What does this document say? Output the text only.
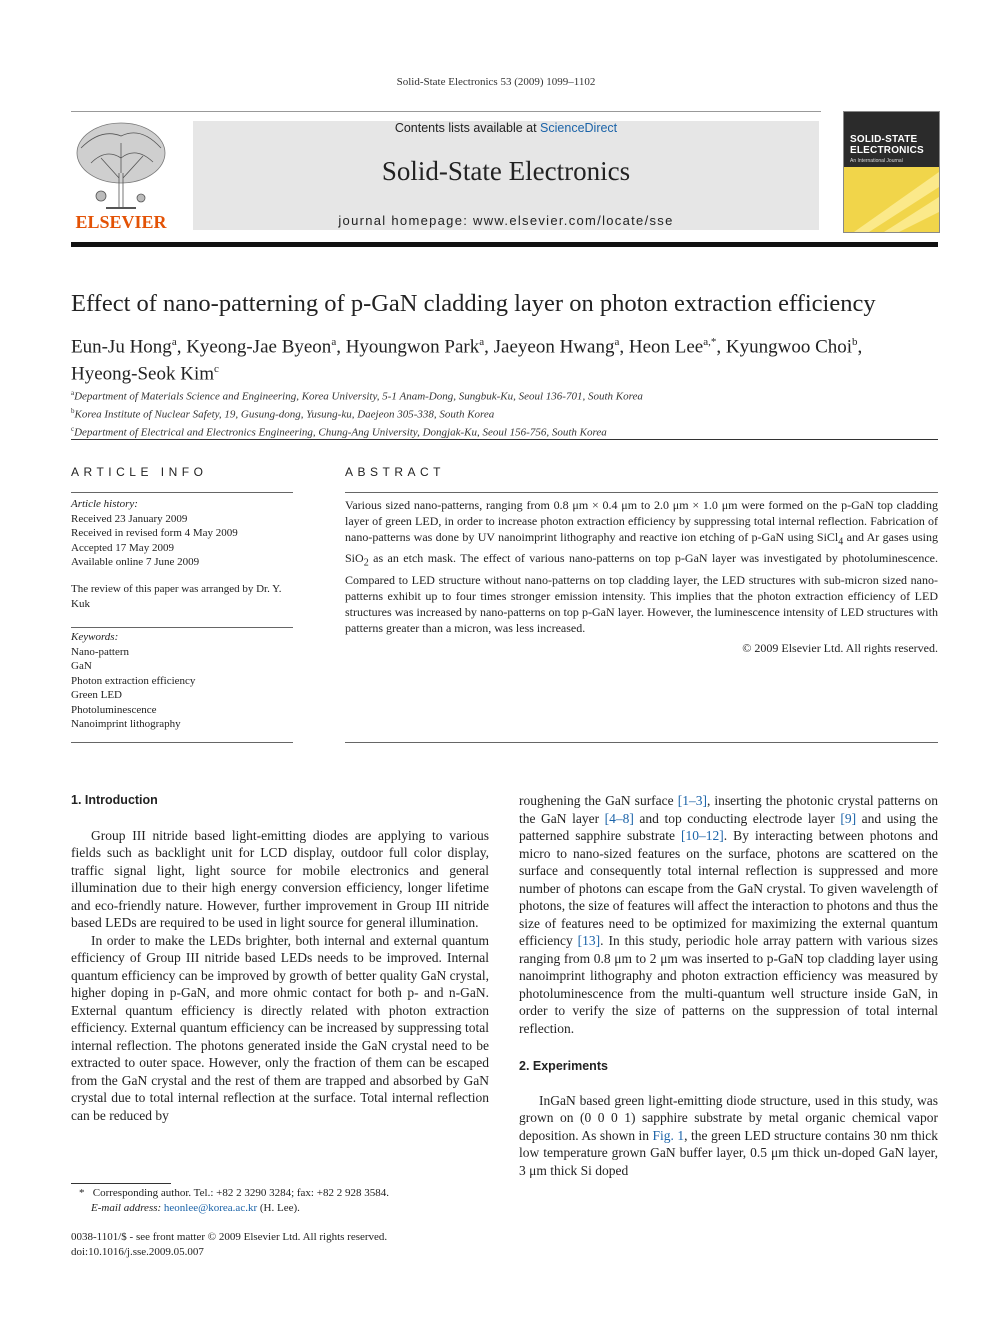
Solid-State Electronics 53 (2009) 1099–1102
ELSEVIER
Contents lists available at ScienceDirect
Solid-State Electronics
journal homepage: www.elsevier.com/locate/sse
SOLID-STATE
ELECTRONICS
An International Journal
Effect of nano-patterning of p-GaN cladding layer on photon extraction efficiency
Eun-Ju Hong$^a$, Kyeong-Jae Byeon$^a$, Hyoungwon Park$^a$, Jaeyeon Hwang$^a$, Heon Lee$^{a,*}$, Kyungwoo Choi$^b$,
Hyeong-Seok Kim$^c$
$^a$Department of Materials Science and Engineering, Korea University, 5-1 Anam-Dong, Sungbuk-Ku, Seoul 136-701, South Korea
$^b$Korea Institute of Nuclear Safety, 19, Gusung-dong, Yusung-ku, Daejeon 305-338, South Korea
$^c$Department of Electrical and Electronics Engineering, Chung-Ang University, Dongjak-Ku, Seoul 156-756, South Korea
ARTICLE INFO	ABSTRACT
Article history:
Received 23 January 2009
Received in revised form 4 May 2009
Accepted 17 May 2009
Available online 7 June 2009
The review of this paper was arranged by Dr. Y. Kuk
Keywords:
Nano-pattern
GaN
Photon extraction efficiency
Green LED
Photoluminescence
Nanoimprint lithography
Various sized nano-patterns, ranging from 0.8 μm × 0.4 μm to 2.0 μm × 1.0 μm were formed on the p-GaN top cladding layer of green LED, in order to increase photon extraction efficiency by suppressing total internal reflection. Fabrication of nano-patterns was done by UV nanoimprint lithography and reactive ion etching of p-GaN using SiCl$_4$ and Ar gases using SiO$_2$ as an etch mask. The effect of various nano-patterns on top p-GaN layer was investigated by photoluminescence. Compared to LED structure without nano-patterns on top cladding layer, the LED structures with sub-micron sized nano-patterns exhibit up to four times stronger emission intensity. This implies that the photon extraction efficiency of LED structures was increased by nano-patterns on top p-GaN layer. However, the luminescence intensity of LED structures with patterns greater than a micron, was less increased.
© 2009 Elsevier Ltd. All rights reserved.

1. Introduction

Group III nitride based light-emitting diodes are applying to various fields such as backlight unit for LCD display, outdoor full color display, traffic signal light, light source for mobile electronics and general illumination due to their high energy conversion efficiency, longer lifetime and eco-friendly nature. However, further improvement in Group III nitride based LEDs are required to be used in light source for general illumination.

In order to make the LEDs brighter, both internal and external quantum efficiency of Group III nitride based LEDs needs to be improved. Internal quantum efficiency can be improved by growth of better quality GaN crystal, higher doping in p-GaN, and more ohmic contact for both p- and n-GaN. External quantum efficiency is directly related with photon extraction efficiency. External quantum efficiency can be increased by suppressing total internal reflection. The photons generated inside the GaN crystal need to be extracted to outer space. However, only the fraction of them can be escaped from the GaN crystal and the rest of them are trapped and absorbed by GaN crystal due to total internal reflection at the surface. Total internal reflection can be reduced by

roughening the GaN surface [1–3], inserting the photonic crystal patterns on the GaN layer [4–8] and top conducting electrode layer [9] and using the patterned sapphire substrate [10–12]. By interacting between photons and micro to nano-sized features on the surface, photons are scattered on the surface and consequently total internal reflection is suppressed and more number of photons can escape from the GaN crystal. To given wavelength of photons, the size of features will affect the interaction to photons and thus the size of features need to be optimized for maximizing the external quantum efficiency [13]. In this study, periodic hole array pattern with various sizes ranging from 0.8 μm to 2 μm was inserted to p-GaN top cladding layer using nanoimprint lithography and photon extraction efficiency was measured by photoluminescence from the multi-quantum well structure inside GaN, in order to verify the size of patterns on the suppression of total internal reflection.

2. Experiments

InGaN based green light-emitting diode structure, used in this study, was grown on (0 0 0 1) sapphire substrate by metal organic chemical vapor deposition. As shown in Fig. 1, the green LED structure contains 30 nm thick low temperature grown GaN buffer layer, 0.5 μm thick un-doped GaN layer, 3 μm thick Si doped

* Corresponding author. Tel.: +82 2 3290 3284; fax: +82 2 928 3584.
E-mail address: heonlee@korea.ac.kr (H. Lee).
0038-1101/$ - see front matter © 2009 Elsevier Ltd. All rights reserved.
doi:10.1016/j.sse.2009.05.007
